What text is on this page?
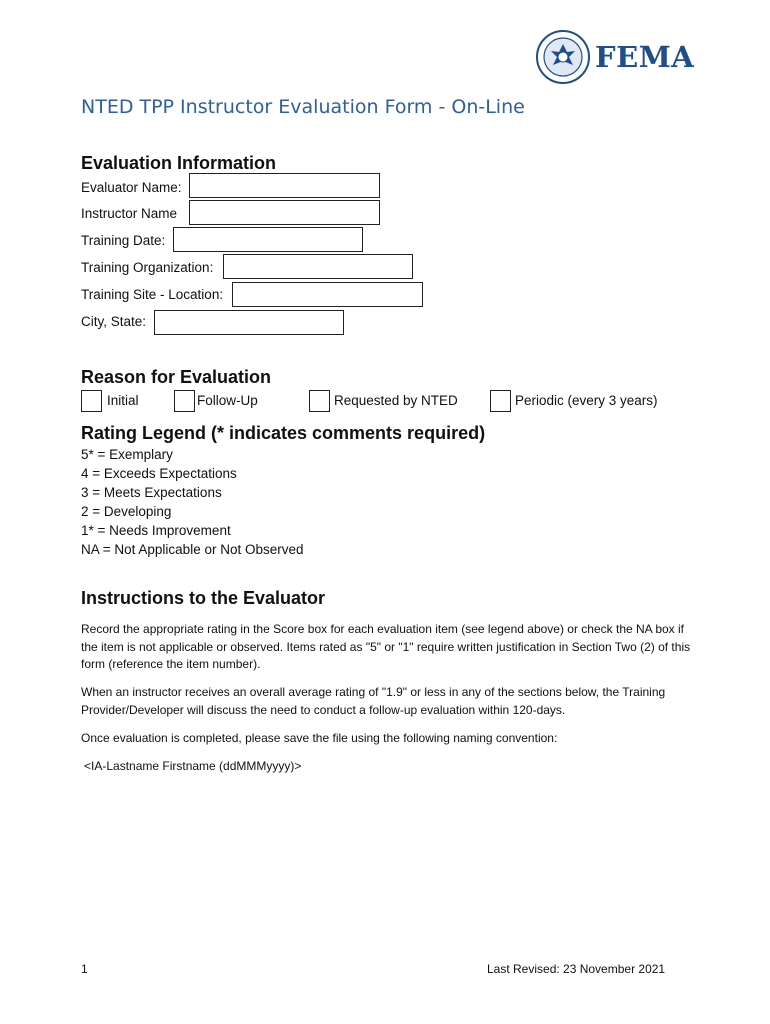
FEMA
NTED TPP Instructor Evaluation Form - On-Line
Evaluation Information
Evaluator Name:
Instructor Name
Training Date:
Training Organization:
Training Site - Location:
City, State:
Reason for Evaluation
Initial	Follow-Up	Requested by NTED	Periodic (every 3 years)
Rating Legend (* indicates comments required)
5* = Exemplary
4 = Exceeds Expectations
3 = Meets Expectations
2 = Developing
1* = Needs Improvement
NA = Not Applicable or Not Observed
Instructions to the Evaluator
Record the appropriate rating in the Score box for each evaluation item (see legend above) or check the NA box if the item is not applicable or observed. Items rated as "5" or "1" require written justification in Section Two (2) of this form (reference the item number).
When an instructor receives an overall average rating of "1.9" or less in any of the sections below, the Training Provider/Developer will discuss the need to conduct a follow-up evaluation within 120-days.
Once evaluation is completed, please save the file using the following naming convention:
<IA-Lastname Firstname (ddMMMyyyy)>
1	Last Revised: 23 November 2021
